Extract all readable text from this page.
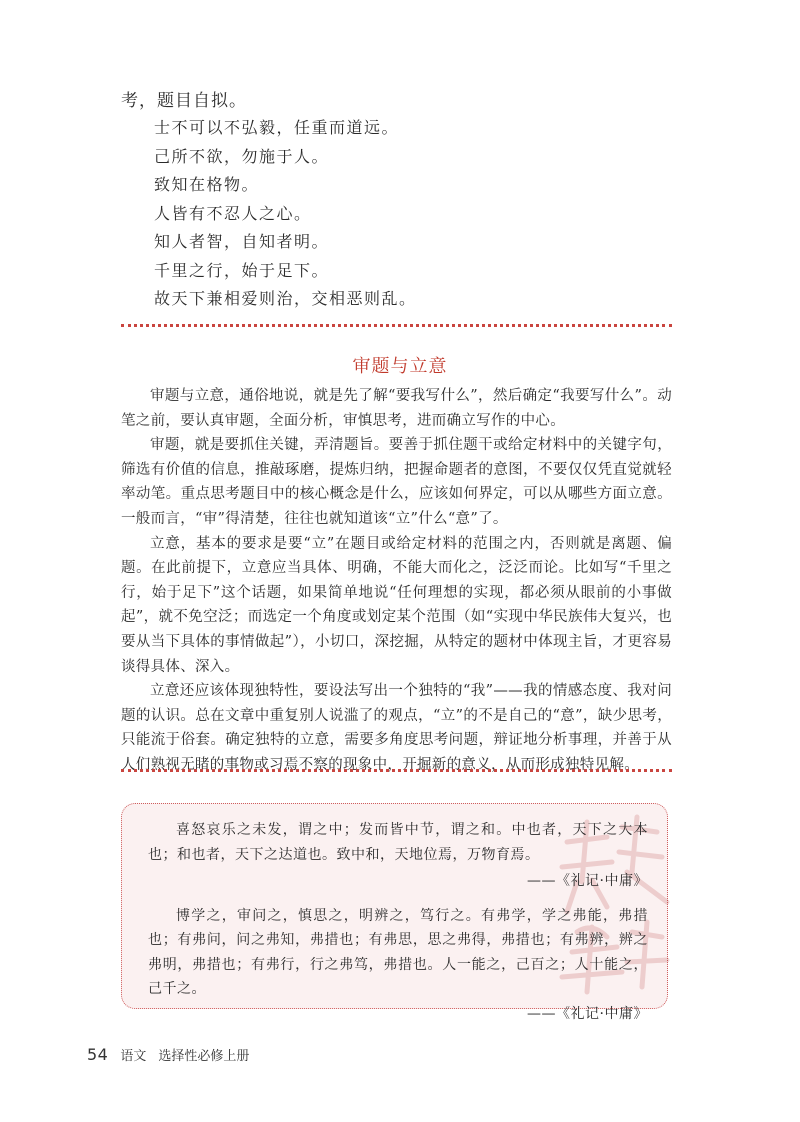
考，题目自拟。
士不可以不弘毅，任重而道远。
己所不欲，勿施于人。
致知在格物。
人皆有不忍人之心。
知人者智，自知者明。
千里之行，始于足下。
故天下兼相爱则治，交相恶则乱。
审题与立意

审题与立意，通俗地说，就是先了解“要我写什么”，然后确定“我要写什么”。动笔之前，要认真审题，全面分析，审慎思考，进而确立写作的中心。

审题，就是要抓住关键，弄清题旨。要善于抓住题干或给定材料中的关键字句，筛选有价值的信息，推敲琢磨，提炼归纳，把握命题者的意图，不要仅仅凭直觉就轻率动笔。重点思考题目中的核心概念是什么，应该如何界定，可以从哪些方面立意。一般而言，“审”得清楚，往往也就知道该“立”什么“意”了。

立意，基本的要求是要“立”在题目或给定材料的范围之内，否则就是离题、偏题。在此前提下，立意应当具体、明确，不能大而化之，泛泛而论。比如写“千里之行，始于足下”这个话题，如果简单地说“任何理想的实现，都必须从眼前的小事做起”，就不免空泛；而选定一个角度或划定某个范围（如“实现中华民族伟大复兴，也要从当下具体的事情做起”），小切口，深挖掘，从特定的题材中体现主旨，才更容易谈得具体、深入。

立意还应该体现独特性，要设法写出一个独特的“我”——我的情感态度、我对问题的认识。总在文章中重复别人说滥了的观点，“立”的不是自己的“意”，缺少思考，只能流于俗套。确定独特的立意，需要多角度思考问题，辩证地分析事理，并善于从人们熟视无睹的事物或习焉不察的现象中，开掘新的意义，从而形成独特见解。

喜怒哀乐之未发，谓之中；发而皆中节，谓之和。中也者，天下之大本也；和也者，天下之达道也。致中和，天地位焉，万物育焉。

——《礼记·中庸》

博学之，审问之，慎思之，明辨之，笃行之。有弗学，学之弗能，弗措也；有弗问，问之弗知，弗措也；有弗思，思之弗得，弗措也；有弗辨，辨之弗明，弗措也；有弗行，行之弗笃，弗措也。人一能之，己百之；人十能之，己千之。

——《礼记·中庸》

54 语文 选择性必修上册
